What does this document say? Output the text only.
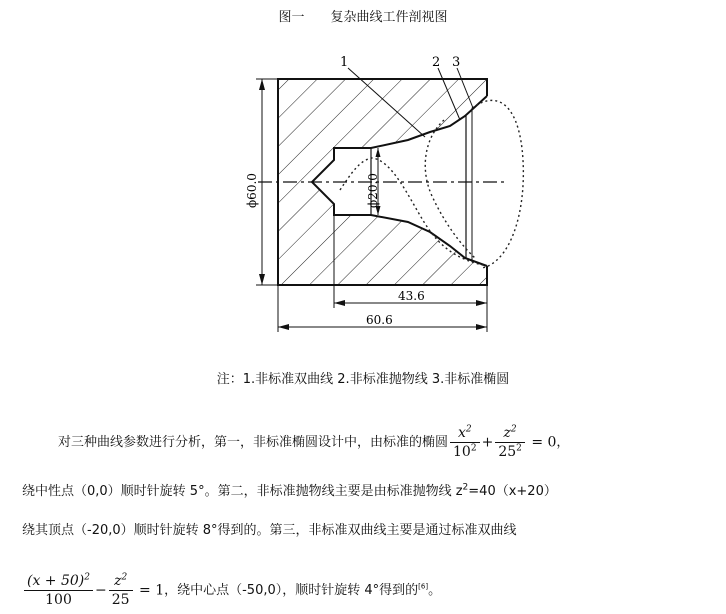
图一 复杂曲线工件剖视图
1	2 3
ϕ60.0	ϕ20.0
43.6
60.6
注：1.非标准双曲线 2.非标准抛物线 3.非标准椭圆
对三种曲线参数进行分析，第一，非标准椭圆设计中，由标准的椭圆 $\frac{x^2}{10^2} + \frac{z^2}{25^2} = 0$，
绕中性点（0,0）顺时针旋转 5°。第二，非标准抛物线主要是由标准抛物线 $z^2=40(x+20)$
绕其顶点（-20,0）顺时针旋转 8°得到的。第三，非标准双曲线主要是通过标准双曲线
$\frac{(x + 50)^2}{100} - \frac{z^2}{25} = 1$，绕中心点（-50,0），顺时针旋转 4°得到的[6]。
